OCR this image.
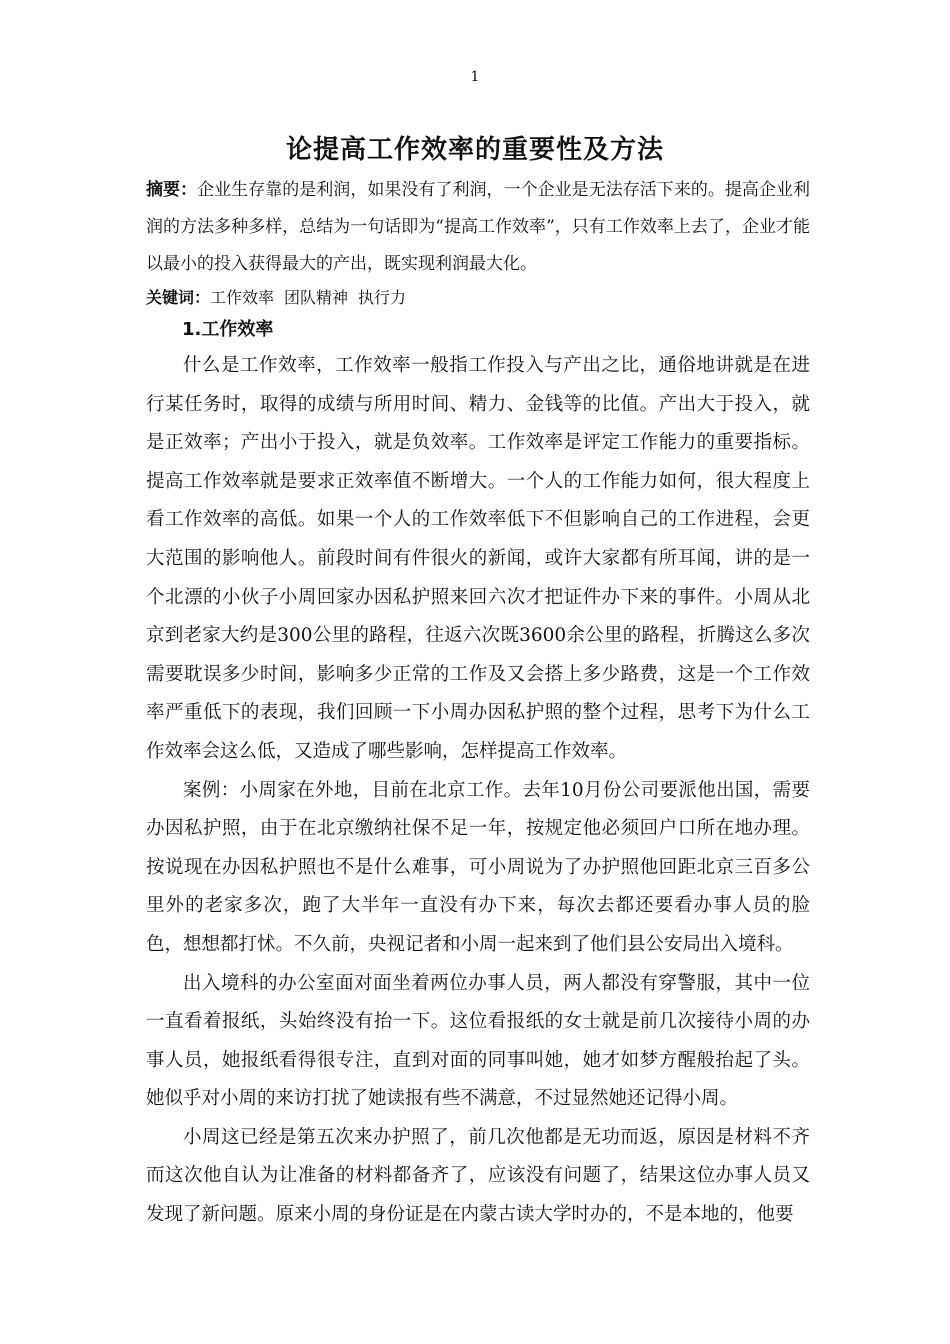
1
论提高工作效率的重要性及方法

摘要：企业生存靠的是利润，如果没有了利润，一个企业是无法存活下来的。提高企业利润的方法多种多样，总结为一句话即为“提高工作效率”，只有工作效率上去了，企业才能以最小的投入获得最大的产出，既实现利润最大化。

关键词：工作效率 团队精神 执行力

1.工作效率

什么是工作效率，工作效率一般指工作投入与产出之比，通俗地讲就是在进行某任务时，取得的成绩与所用时间、精力、金钱等的比值。产出大于投入，就是正效率；产出小于投入，就是负效率。工作效率是评定工作能力的重要指标。提高工作效率就是要求正效率值不断增大。一个人的工作能力如何，很大程度上看工作效率的高低。如果一个人的工作效率低下不但影响自己的工作进程，会更大范围的影响他人。前段时间有件很火的新闻，或许大家都有所耳闻，讲的是一个北漂的小伙子小周回家办因私护照来回六次才把证件办下来的事件。小周从北京到老家大约是300公里的路程，往返六次既3600余公里的路程，折腾这么多次需要耽误多少时间，影响多少正常的工作及又会搭上多少路费，这是一个工作效率严重低下的表现，我们回顾一下小周办因私护照的整个过程，思考下为什么工作效率会这么低，又造成了哪些影响，怎样提高工作效率。

案例：小周家在外地，目前在北京工作。去年10月份公司要派他出国，需要办因私护照，由于在北京缴纳社保不足一年，按规定他必须回户口所在地办理。按说现在办因私护照也不是什么难事，可小周说为了办护照他回距北京三百多公里外的老家多次，跑了大半年一直没有办下来，每次去都还要看办事人员的脸色，想想都打怵。不久前，央视记者和小周一起来到了他们县公安局出入境科。

出入境科的办公室面对面坐着两位办事人员，两人都没有穿警服，其中一位一直看着报纸，头始终没有抬一下。这位看报纸的女士就是前几次接待小周的办事人员，她报纸看得很专注，直到对面的同事叫她，她才如梦方醒般抬起了头。她似乎对小周的来访打扰了她读报有些不满意，不过显然她还记得小周。

小周这已经是第五次来办护照了，前几次他都是无功而返，原因是材料不齐而这次他自认为让准备的材料都备齐了，应该没有问题了，结果这位办事人员又发现了新问题。原来小周的身份证是在内蒙古读大学时办的，不是本地的，他要
